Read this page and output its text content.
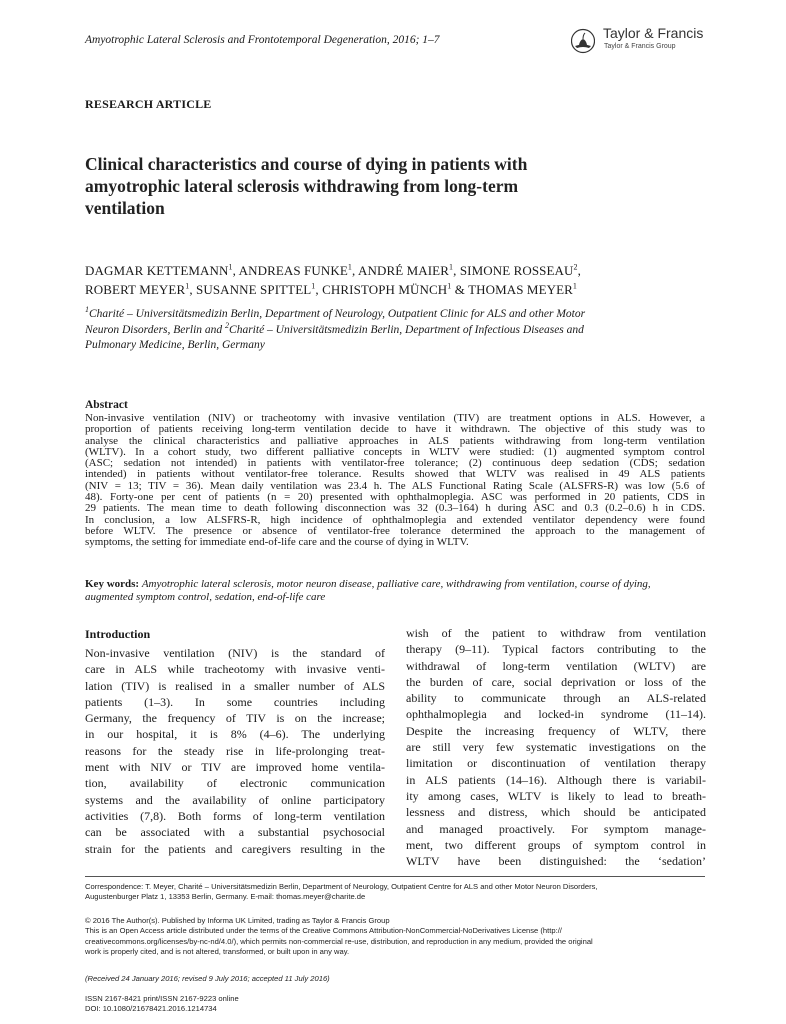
Amyotrophic Lateral Sclerosis and Frontotemporal Degeneration, 2016; 1–7	Taylor & Francis
Taylor & Francis Group
RESEARCH ARTICLE
Clinical characteristics and course of dying in patients with
amyotrophic lateral sclerosis withdrawing from long-term
ventilation
DAGMAR KETTEMANN$^1$, ANDREAS FUNKE$^1$, ANDRÉ MAIER$^1$, SIMONE ROSSEAU$^2$,
ROBERT MEYER$^1$, SUSANNE SPITTEL$^1$, CHRISTOPH MÜNCH$^1$ & THOMAS MEYER$^1$
$^1$Charité – Universitätsmedizin Berlin, Department of Neurology, Outpatient Clinic for ALS and other Motor
Neuron Disorders, Berlin and $^2$Charité – Universitätsmedizin Berlin, Department of Infectious Diseases and
Pulmonary Medicine, Berlin, Germany
Abstract
Non-invasive ventilation (NIV) or tracheotomy with invasive ventilation (TIV) are treatment options in ALS. However, a
proportion of patients receiving long-term ventilation decide to have it withdrawn. The objective of this study was to
analyse the clinical characteristics and palliative approaches in ALS patients withdrawing from long-term ventilation
(WLTV). In a cohort study, two different palliative concepts in WLTV were studied: (1) augmented symptom control
(ASC; sedation not intended) in patients with ventilator-free tolerance; (2) continuous deep sedation (CDS; sedation
intended) in patients without ventilator-free tolerance. Results showed that WLTV was realised in 49 ALS patients
(NIV = 13; TIV = 36). Mean daily ventilation was 23.4 h. The ALS Functional Rating Scale (ALSFRS-R) was low (5.6 of
48). Forty-one per cent of patients (n = 20) presented with ophthalmoplegia. ASC was performed in 20 patients, CDS in
29 patients. The mean time to death following disconnection was 32 (0.3–164) h during ASC and 0.3 (0.2–0.6) h in CDS.
In conclusion, a low ALSFRS-R, high incidence of ophthalmoplegia and extended ventilator dependency were found
before WLTV. The presence or absence of ventilator-free tolerance determined the approach to the management of
symptoms, the setting for immediate end-of-life care and the course of dying in WLTV.
Key words: Amyotrophic lateral sclerosis, motor neuron disease, palliative care, withdrawing from ventilation, course of dying,
augmented symptom control, sedation, end-of-life care
Introduction
Non-invasive ventilation (NIV) is the standard of
care in ALS while tracheotomy with invasive venti-
lation (TIV) is realised in a smaller number of ALS
patients (1–3). In some countries including
Germany, the frequency of TIV is on the increase;
in our hospital, it is 8% (4–6). The underlying
reasons for the steady rise in life-prolonging treat-
ment with NIV or TIV are improved home ventila-
tion, availability of electronic communication
systems and the availability of online participatory
activities (7,8). Both forms of long-term ventilation
can be associated with a substantial psychosocial
strain for the patients and caregivers resulting in the
wish of the patient to withdraw from ventilation
therapy (9–11). Typical factors contributing to the
withdrawal of long-term ventilation (WLTV) are
the burden of care, social deprivation or loss of the
ability to communicate through an ALS-related
ophthalmoplegia and locked-in syndrome (11–14).
Despite the increasing frequency of WLTV, there
are still very few systematic investigations on the
limitation or discontinuation of ventilation therapy
in ALS patients (14–16). Although there is variabil-
ity among cases, WLTV is likely to lead to breath-
lessness and distress, which should be anticipated
and managed proactively. For symptom manage-
ment, two different groups of symptom control in
WLTV have been distinguished: the ‘sedation’
Correspondence: T. Meyer, Charité – Universitätsmedizin Berlin, Department of Neurology, Outpatient Centre for ALS and other Motor Neuron Disorders,
Augustenburger Platz 1, 13353 Berlin, Germany. E-mail: thomas.meyer@charite.de
© 2016 The Author(s). Published by Informa UK Limited, trading as Taylor & Francis Group
This is an Open Access article distributed under the terms of the Creative Commons Attribution-NonCommercial-NoDerivatives License (http://
creativecommons.org/licenses/by-nc-nd/4.0/), which permits non-commercial re-use, distribution, and reproduction in any medium, provided the original
work is properly cited, and is not altered, transformed, or built upon in any way.
(Received 24 January 2016; revised 9 July 2016; accepted 11 July 2016)
ISSN 2167-8421 print/ISSN 2167-9223 online
DOI: 10.1080/21678421.2016.1214734
